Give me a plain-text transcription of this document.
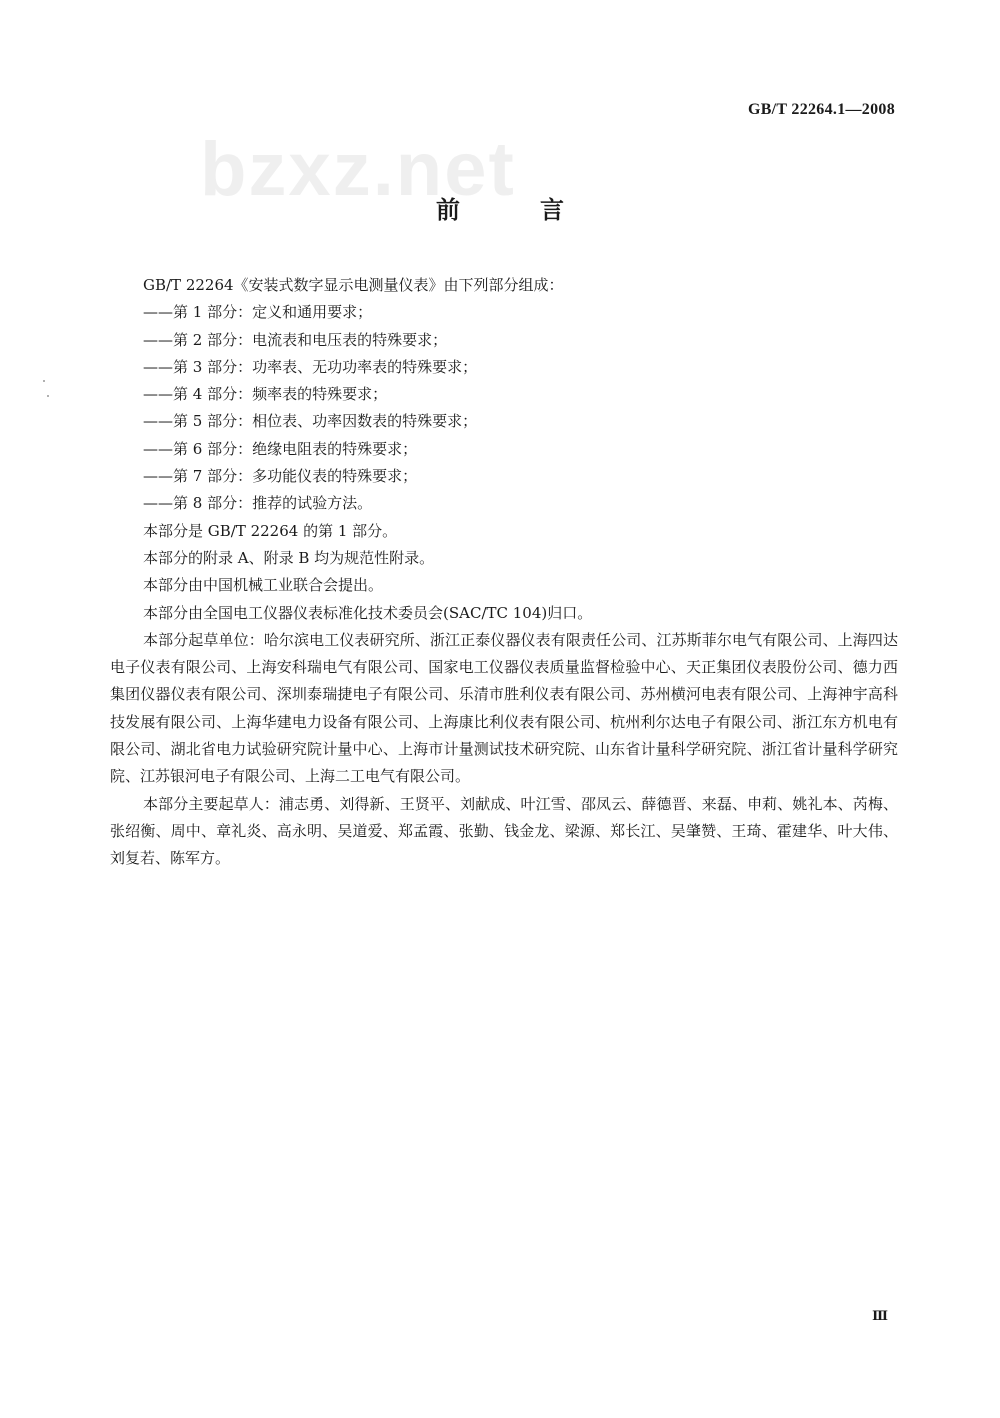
bzxz.net
GB/T 22264.1—2008
前　言

GB/T 22264《安装式数字显示电测量仪表》由下列部分组成：

——第 1 部分：定义和通用要求；

——第 2 部分：电流表和电压表的特殊要求；

——第 3 部分：功率表、无功功率表的特殊要求；

——第 4 部分：频率表的特殊要求；

——第 5 部分：相位表、功率因数表的特殊要求；

——第 6 部分：绝缘电阻表的特殊要求；

——第 7 部分：多功能仪表的特殊要求；

——第 8 部分：推荐的试验方法。

本部分是 GB/T 22264 的第 1 部分。

本部分的附录 A、附录 B 均为规范性附录。

本部分由中国机械工业联合会提出。

本部分由全国电工仪器仪表标准化技术委员会(SAC/TC 104)归口。

本部分起草单位：哈尔滨电工仪表研究所、浙江正泰仪器仪表有限责任公司、江苏斯菲尔电气有限公司、上海四达电子仪表有限公司、上海安科瑞电气有限公司、国家电工仪器仪表质量监督检验中心、天正集团仪表股份公司、德力西集团仪器仪表有限公司、深圳泰瑞捷电子有限公司、乐清市胜利仪表有限公司、苏州横河电表有限公司、上海神宇高科技发展有限公司、上海华建电力设备有限公司、上海康比利仪表有限公司、杭州利尔达电子有限公司、浙江东方机电有限公司、湖北省电力试验研究院计量中心、上海市计量测试技术研究院、山东省计量科学研究院、浙江省计量科学研究院、江苏银河电子有限公司、上海二工电气有限公司。

本部分主要起草人：浦志勇、刘得新、王贤平、刘献成、叶江雪、邵凤云、薛德晋、来磊、申莉、姚礼本、芮梅、张绍衡、周中、章礼炎、高永明、吴道爱、郑孟霞、张勤、钱金龙、梁源、郑长江、吴肇赞、王琦、霍建华、叶大伟、刘复若、陈军方。

Ⅲ
